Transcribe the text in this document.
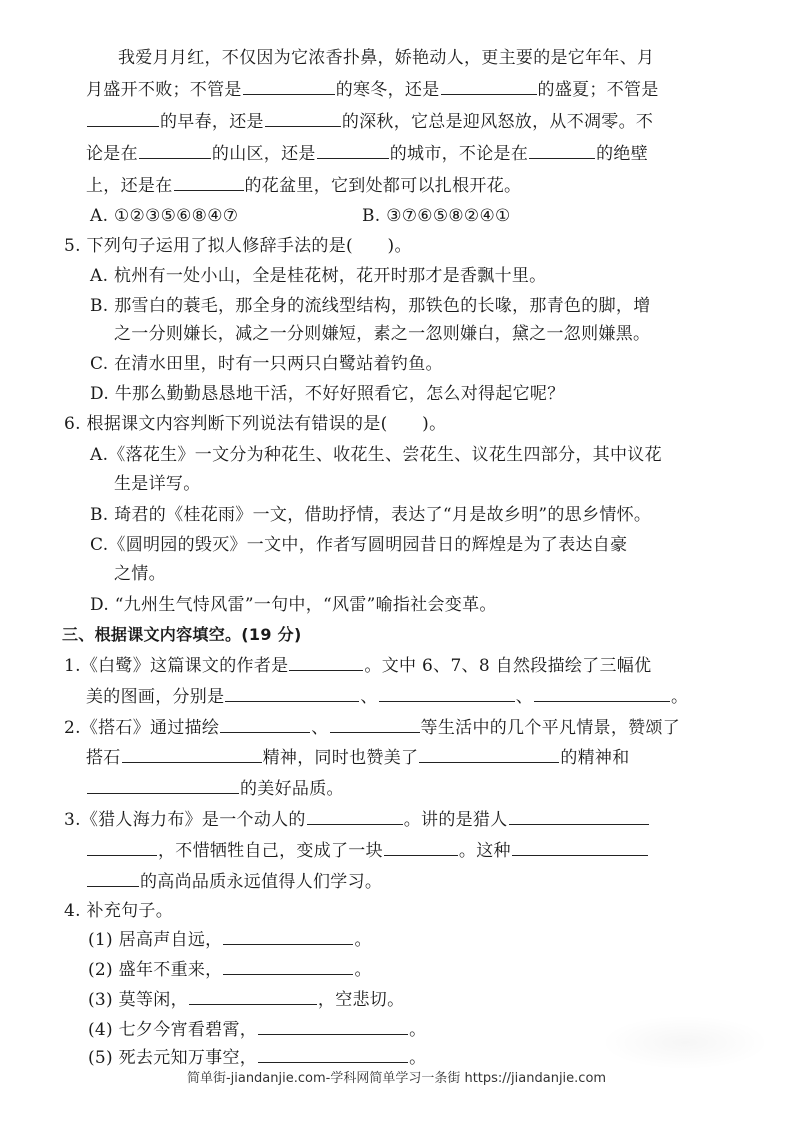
我爱月月红，不仅因为它浓香扑鼻，娇艳动人，更主要的是它年年、月
月盛开不败；不管是	的寒冬，还是	的盛夏；不管是
的早春，还是	的深秋，它总是迎风怒放，从不凋零。不
论是在	的山区，还是	的城市，不论是在	的绝壁
上，还是在	的花盆里，它到处都可以扎根开花。
A. ①②③⑤⑥⑧④⑦	B. ③⑦⑥⑤⑧②④①
5. 下列句子运用了拟人修辞手法的是(　　)。
A. 杭州有一处小山，全是桂花树，花开时那才是香飘十里。
B. 那雪白的蓑毛，那全身的流线型结构，那铁色的长喙，那青色的脚，增
之一分则嫌长，减之一分则嫌短，素之一忽则嫌白，黛之一忽则嫌黑。
C. 在清水田里，时有一只两只白鹭站着钓鱼。
D. 牛那么勤勤恳恳地干活，不好好照看它，怎么对得起它呢？
6. 根据课文内容判断下列说法有错误的是(　　)。
A.《落花生》一文分为种花生、收花生、尝花生、议花生四部分，其中议花
生是详写。
B. 琦君的《桂花雨》一文，借助抒情，表达了“月是故乡明”的思乡情怀。
C.《圆明园的毁灭》一文中，作者写圆明园昔日的辉煌是为了表达自豪
之情。
D. “九州生气恃风雷”一句中，“风雷”喻指社会变革。
三、根据课文内容填空。(19 分)
1.《白鹭》这篇课文的作者是	。文中 6、7、8 自然段描绘了三幅优
美的图画，分别是	、	、	。
2.《搭石》通过描绘	、	等生活中的几个平凡情景，赞颂了
搭石	精神，同时也赞美了	的精神和
的美好品质。
3.《猎人海力布》是一个动人的	。讲的是猎人
，不惜牺牲自己，变成了一块	。这种
的高尚品质永远值得人们学习。
4. 补充句子。
(1) 居高声自远，	。
(2) 盛年不重来，	。
(3) 莫等闲，	，空悲切。
(4) 七夕今宵看碧霄，	。
(5) 死去元知万事空，	。
简单街-jiandanjie.com-学科网简单学习一条街 https://jiandanjie.com
